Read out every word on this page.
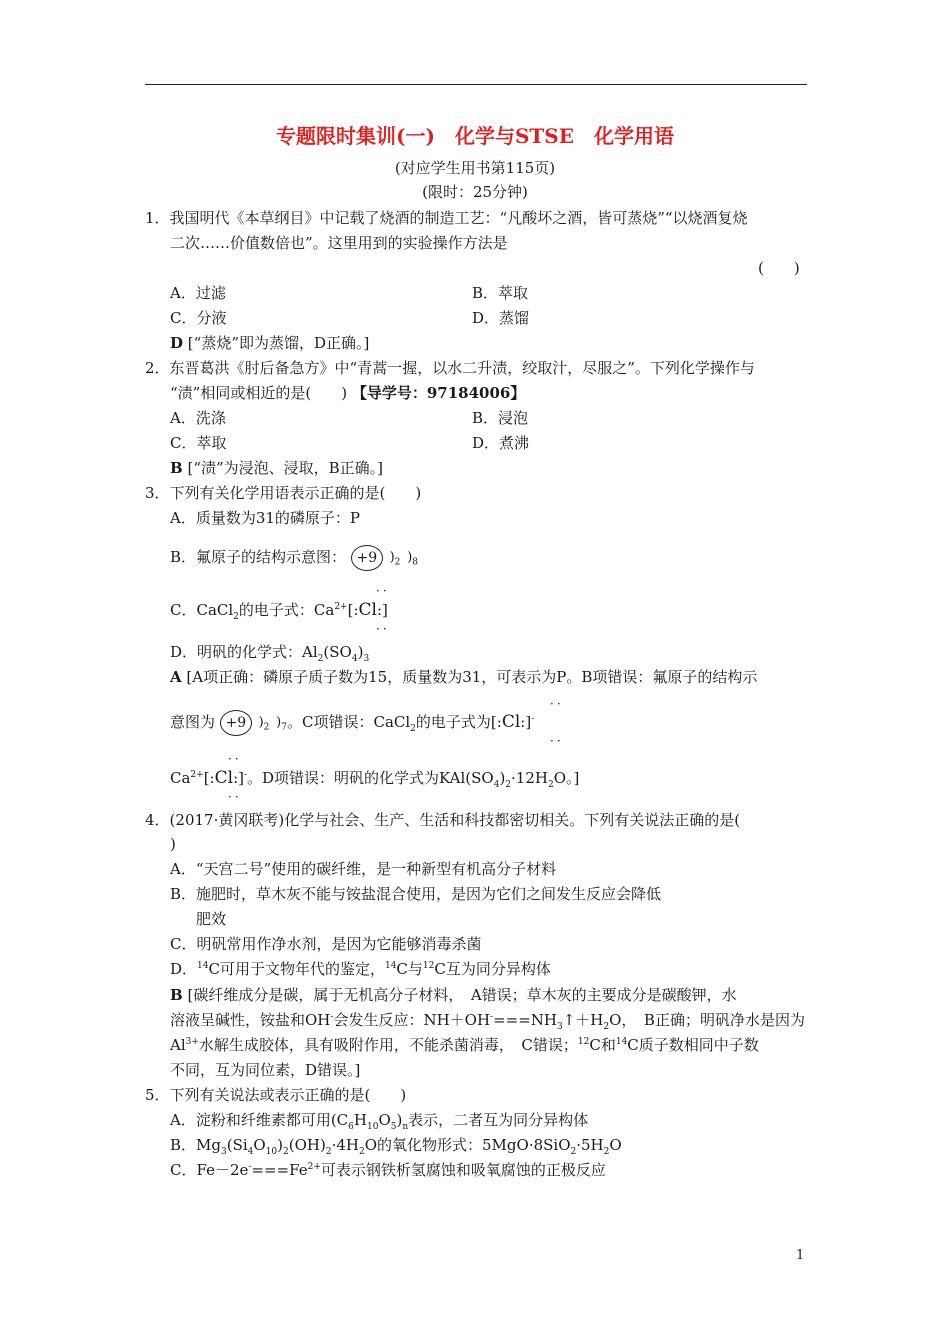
专题限时集训(一)　化学与STSE　化学用语
(对应学生用书第115页)
(限时：25分钟)
1．我国明代《本草纲目》中记载了烧酒的制造工艺：“凡酸坏之酒，皆可蒸烧”“以烧酒复烧
二次……价值数倍也”。这里用到的实验操作方法是
(　　)
A．过滤	B．萃取
C．分液	D．蒸馏
D [“蒸烧”即为蒸馏，D正确。]
2．东晋葛洪《肘后备急方》中“青蒿一握，以水二升渍，绞取汁，尽服之”。下列化学操作与
“渍”相同或相近的是(　　) 【导学号：97184006】
A．洗涤	B．浸泡
C．萃取	D．煮沸
B [“渍”为浸泡、浸取，B正确。]
3．下列有关化学用语表示正确的是(　　)
A．质量数为31的磷原子：P
B．氟原子的结构示意图： +9 )$_2$ )$_8$
··
C．CaCl$_2$的电子式：$Ca^{2+}[:Cl:]$
··
D．明矾的化学式：$Al_2(SO_4)_3$
A [A项正确：磷原子质子数为15，质量数为31，可表示为P。B项错误：氟原子的结构示
··
意图为 +9 )$_2$ )$_7$。C项错误：CaCl$_2$的电子式为[:Cl:]-
··
··
$Ca^{2+}[:Cl:]^-$。D项错误：明矾的化学式为$KAl(SO_4)_2\cdot 12H_2O$。]
··
4．(2017·黄冈联考)化学与社会、生产、生活和科技都密切相关。下列有关说法正确的是(
)
A．“天宫二号”使用的碳纤维，是一种新型有机高分子材料
B．施肥时，草木灰不能与铵盐混合使用，是因为它们之间发生反应会降低
肥效
C．明矾常用作净水剂，是因为它能够消毒杀菌
D．$^{14}$C可用于文物年代的鉴定，$^{14}$C与$^{12}$C互为同分异构体
B [碳纤维成分是碳，属于无机高分子材料，　A错误；草木灰的主要成分是碳酸钾，水
溶液呈碱性，铵盐和OH-会发生反应：$NH+OH^-===NH_3↑+H_2O$，　B正确；明矾净水是因为
$Al^{3+}$水解生成胶体，具有吸附作用，不能杀菌消毒，　C错误；$^{12}$C和$^{14}$C质子数相同中子数
不同，互为同位素，D错误。]
5．下列有关说法或表示正确的是(　　)
A．淀粉和纤维素都可用$(C_6H_{10}O_5)_n$表示，二者互为同分异构体
B．$Mg_3(Si_4O_{10})_2(OH)_2\cdot 4H_2O$的氧化物形式：$5MgO\cdot 8SiO_2\cdot 5H_2O$
C．$Fe-2e^-===Fe^{2+}$可表示钢铁析氢腐蚀和吸氧腐蚀的正极反应
1
